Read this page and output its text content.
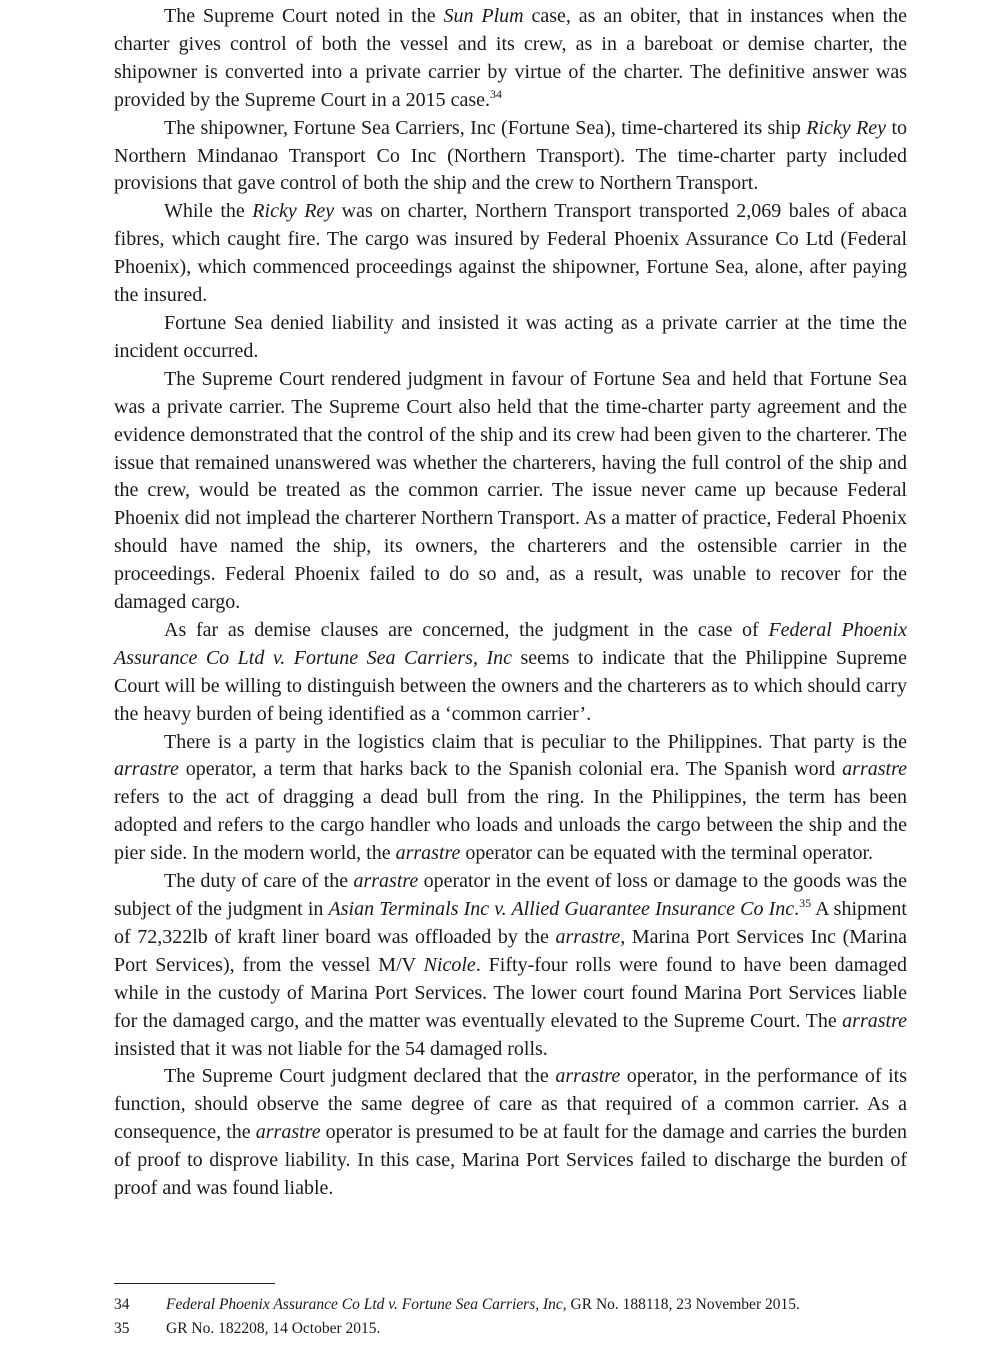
The Supreme Court noted in the Sun Plum case, as an obiter, that in instances when the charter gives control of both the vessel and its crew, as in a bareboat or demise charter, the shipowner is converted into a private carrier by virtue of the charter. The definitive answer was provided by the Supreme Court in a 2015 case.$^{34}$

The shipowner, Fortune Sea Carriers, Inc (Fortune Sea), time-chartered its ship Ricky Rey to Northern Mindanao Transport Co Inc (Northern Transport). The time-charter party included provisions that gave control of both the ship and the crew to Northern Transport.

While the Ricky Rey was on charter, Northern Transport transported 2,069 bales of abaca fibres, which caught fire. The cargo was insured by Federal Phoenix Assurance Co Ltd (Federal Phoenix), which commenced proceedings against the shipowner, Fortune Sea, alone, after paying the insured.

Fortune Sea denied liability and insisted it was acting as a private carrier at the time the incident occurred.

The Supreme Court rendered judgment in favour of Fortune Sea and held that Fortune Sea was a private carrier. The Supreme Court also held that the time-charter party agreement and the evidence demonstrated that the control of the ship and its crew had been given to the charterer. The issue that remained unanswered was whether the charterers, having the full control of the ship and the crew, would be treated as the common carrier. The issue never came up because Federal Phoenix did not implead the charterer Northern Transport. As a matter of practice, Federal Phoenix should have named the ship, its owners, the charterers and the ostensible carrier in the proceedings. Federal Phoenix failed to do so and, as a result, was unable to recover for the damaged cargo.

As far as demise clauses are concerned, the judgment in the case of Federal Phoenix Assurance Co Ltd v. Fortune Sea Carriers, Inc seems to indicate that the Philippine Supreme Court will be willing to distinguish between the owners and the charterers as to which should carry the heavy burden of being identified as a ‘common carrier’.

There is a party in the logistics claim that is peculiar to the Philippines. That party is the arrastre operator, a term that harks back to the Spanish colonial era. The Spanish word arrastre refers to the act of dragging a dead bull from the ring. In the Philippines, the term has been adopted and refers to the cargo handler who loads and unloads the cargo between the ship and the pier side. In the modern world, the arrastre operator can be equated with the terminal operator.

The duty of care of the arrastre operator in the event of loss or damage to the goods was the subject of the judgment in Asian Terminals Inc v. Allied Guarantee Insurance Co Inc.$^{35}$ A shipment of 72,322lb of kraft liner board was offloaded by the arrastre, Marina Port Services Inc (Marina Port Services), from the vessel M/V Nicole. Fifty-four rolls were found to have been damaged while in the custody of Marina Port Services. The lower court found Marina Port Services liable for the damaged cargo, and the matter was eventually elevated to the Supreme Court. The arrastre insisted that it was not liable for the 54 damaged rolls.

The Supreme Court judgment declared that the arrastre operator, in the performance of its function, should observe the same degree of care as that required of a common carrier. As a consequence, the arrastre operator is presumed to be at fault for the damage and carries the burden of proof to disprove liability. In this case, Marina Port Services failed to discharge the burden of proof and was found liable.

34	Federal Phoenix Assurance Co Ltd v. Fortune Sea Carriers, Inc, GR No. 188118, 23 November 2015.
35	GR No. 182208, 14 October 2015.
